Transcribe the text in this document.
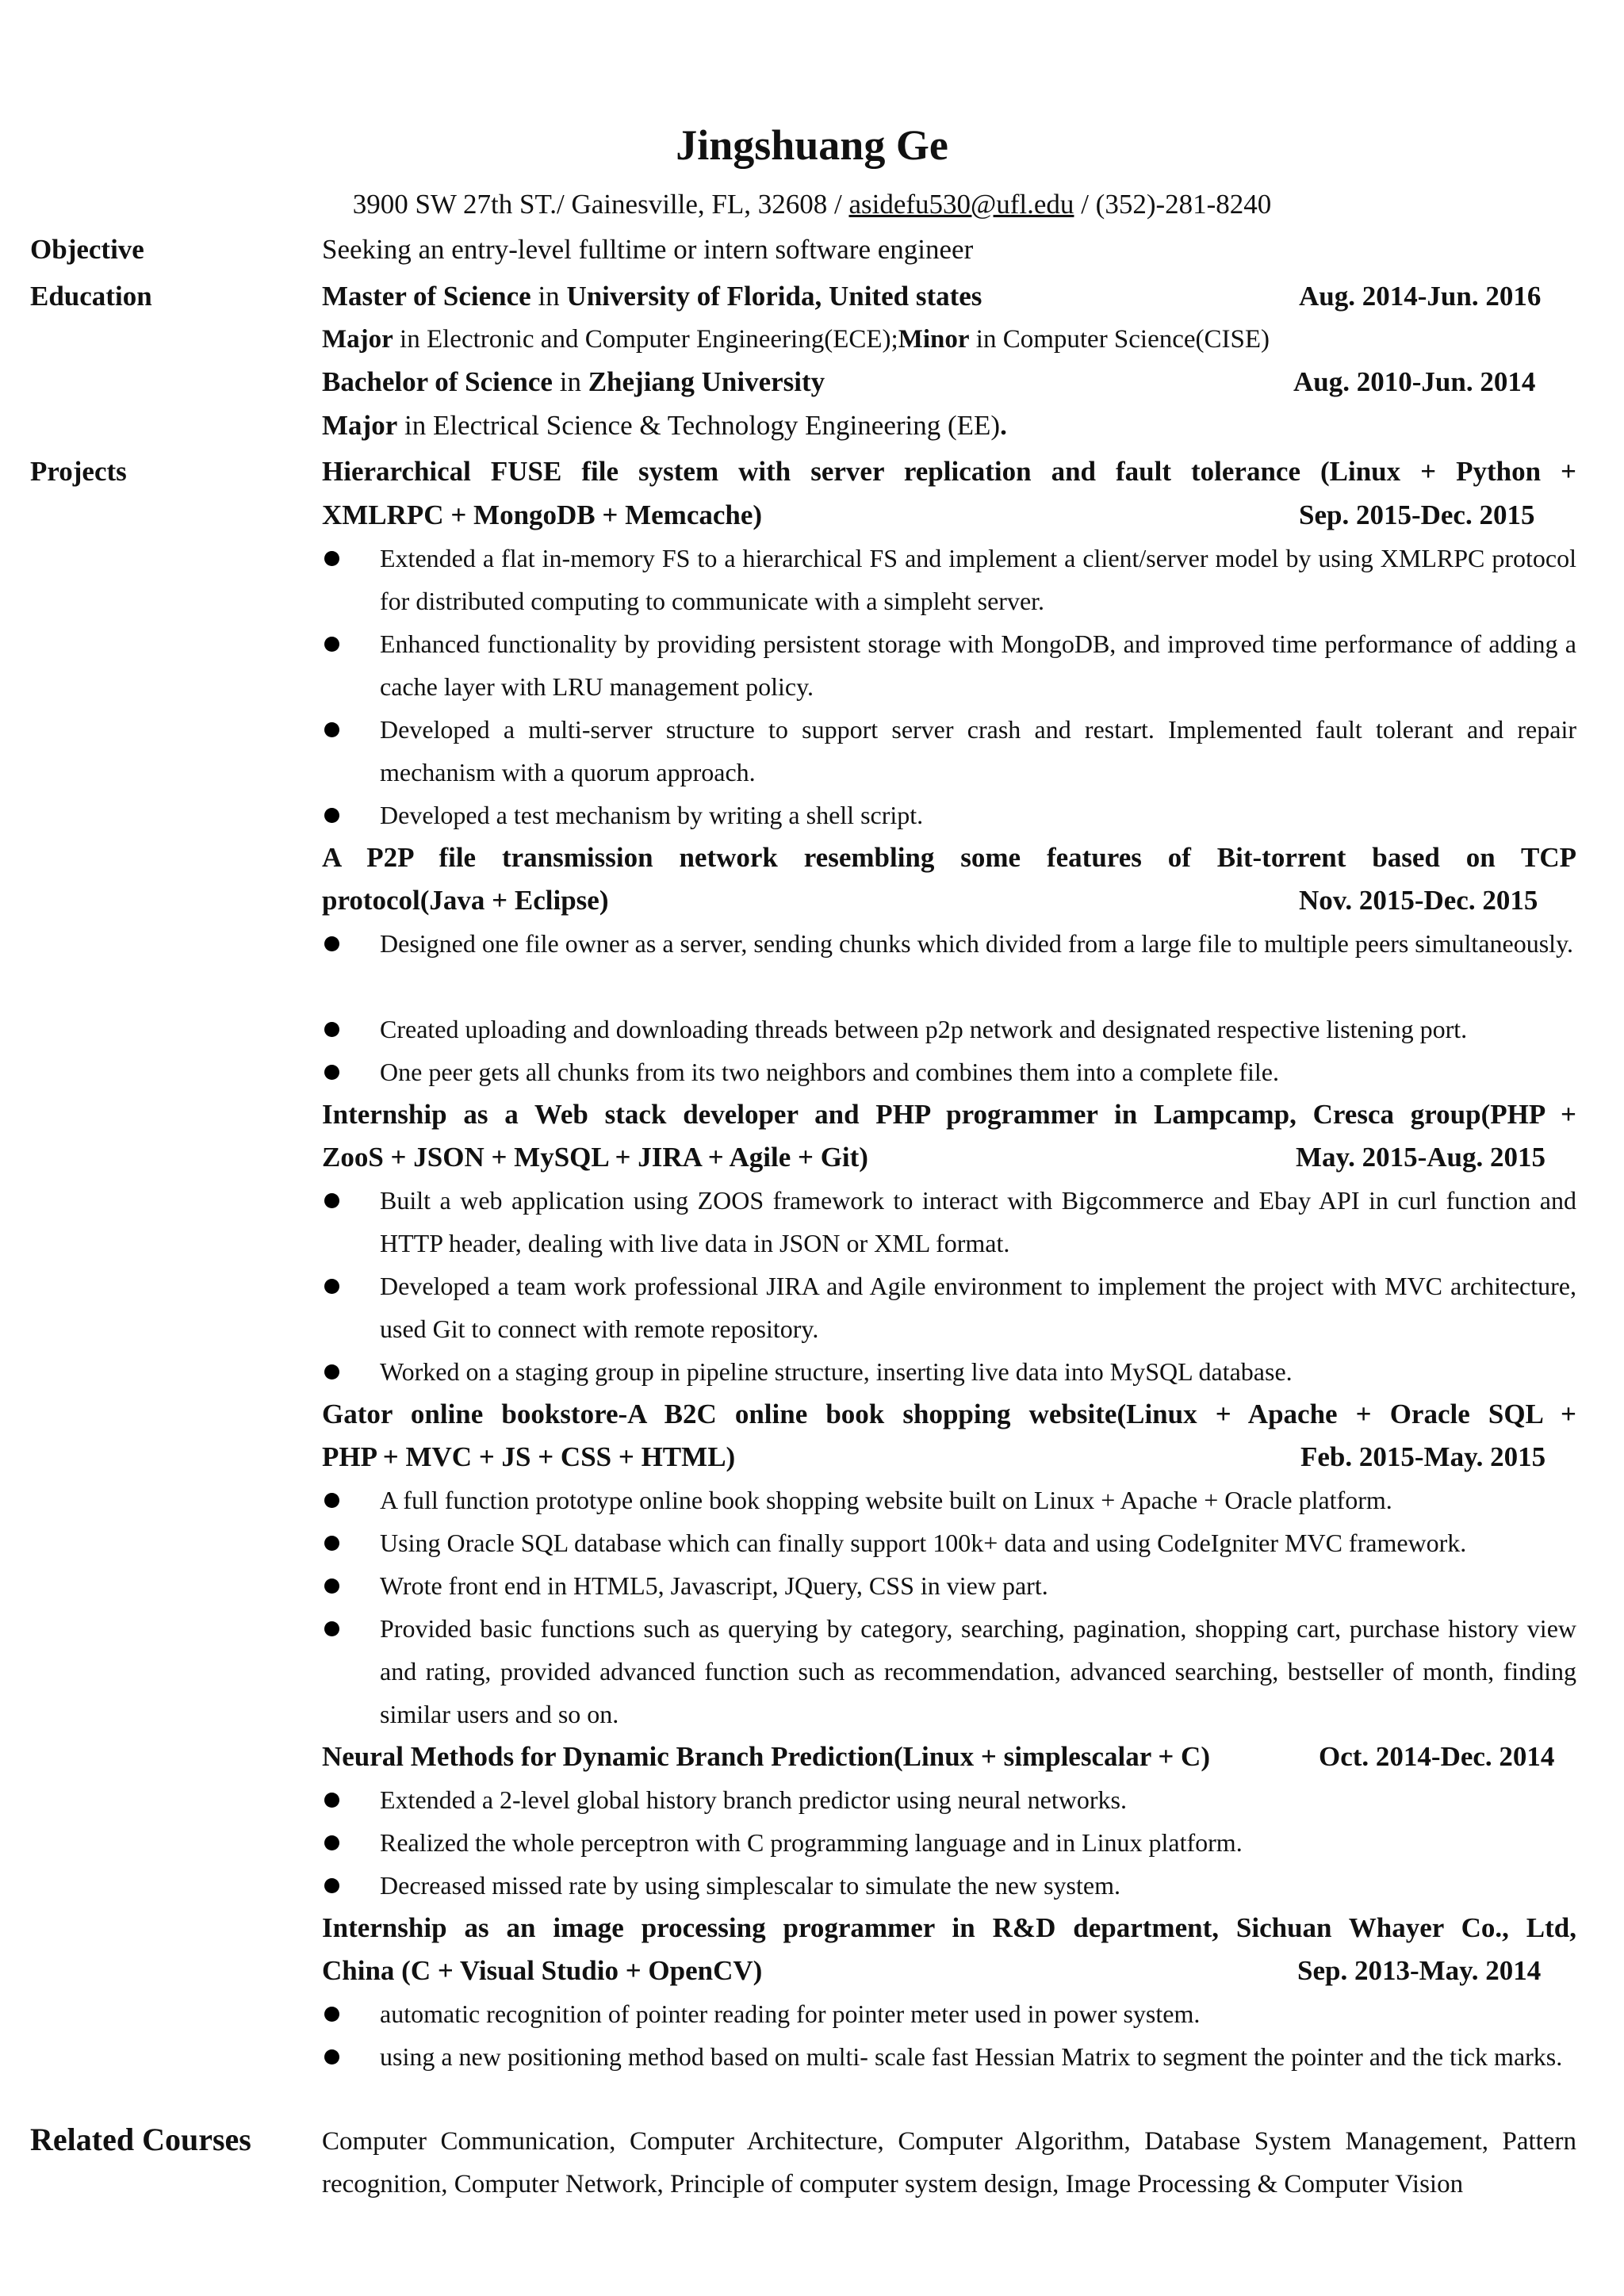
Jingshuang Ge
3900 SW 27th ST./ Gainesville, FL, 32608 / asidefu530@ufl.edu / (352)-281-8240
Objective	Seeking an entry-level fulltime or intern software engineer
Education	Master of Science in University of Florida, United states	Aug. 2014-Jun. 2016
Major in Electronic and Computer Engineering(ECE);Minor in Computer Science(CISE)
Bachelor of Science in Zhejiang University	Aug. 2010-Jun. 2014
Major in Electrical Science & Technology Engineering (EE).
Projects	Hierarchical FUSE file system with server replication and fault tolerance (Linux + Python +
XMLRPC + MongoDB + Memcache)	Sep. 2015-Dec. 2015
Extended a flat in-memory FS to a hierarchical FS and implement a client/server model by using XMLRPC protocol for distributed computing to communicate with a simpleht server.
Enhanced functionality by providing persistent storage with MongoDB, and improved time performance of adding a cache layer with LRU management policy.
Developed a multi-server structure to support server crash and restart. Implemented fault tolerant and repair mechanism with a quorum approach.
Developed a test mechanism by writing a shell script.
A P2P file transmission network resembling some features of Bit-torrent based on TCP
protocol(Java + Eclipse)	Nov. 2015-Dec. 2015
Designed one file owner as a server, sending chunks which divided from a large file to multiple peers simultaneously.
Created uploading and downloading threads between p2p network and designated respective listening port.
One peer gets all chunks from its two neighbors and combines them into a complete file.
Internship as a Web stack developer and PHP programmer in Lampcamp, Cresca group(PHP +
ZooS + JSON + MySQL + JIRA + Agile + Git)	May. 2015-Aug. 2015
Built a web application using ZOOS framework to interact with Bigcommerce and Ebay API in curl function and HTTP header, dealing with live data in JSON or XML format.
Developed a team work professional JIRA and Agile environment to implement the project with MVC architecture, used Git to connect with remote repository.
Worked on a staging group in pipeline structure, inserting live data into MySQL database.
Gator online bookstore-A B2C online book shopping website(Linux + Apache + Oracle SQL +
PHP + MVC + JS + CSS + HTML)	Feb. 2015-May. 2015
A full function prototype online book shopping website built on Linux + Apache + Oracle platform.
Using Oracle SQL database which can finally support 100k+ data and using CodeIgniter MVC framework.
Wrote front end in HTML5, Javascript, JQuery, CSS in view part.
Provided basic functions such as querying by category, searching, pagination, shopping cart, purchase history view and rating, provided advanced function such as recommendation, advanced searching, bestseller of month, finding similar users and so on.
Neural Methods for Dynamic Branch Prediction(Linux + simplescalar + C)	Oct. 2014-Dec. 2014
Extended a 2-level global history branch predictor using neural networks.
Realized the whole perceptron with C programming language and in Linux platform.
Decreased missed rate by using simplescalar to simulate the new system.
Internship as an image processing programmer in R&D department, Sichuan Whayer Co., Ltd,
China (C + Visual Studio + OpenCV)	Sep. 2013-May. 2014
automatic recognition of pointer reading for pointer meter used in power system.
using a new positioning method based on multi- scale fast Hessian Matrix to segment the pointer and the tick marks.
Related Courses	Computer Communication, Computer Architecture, Computer Algorithm, Database System Management, Pattern recognition, Computer Network, Principle of computer system design, Image Processing & Computer Vision
